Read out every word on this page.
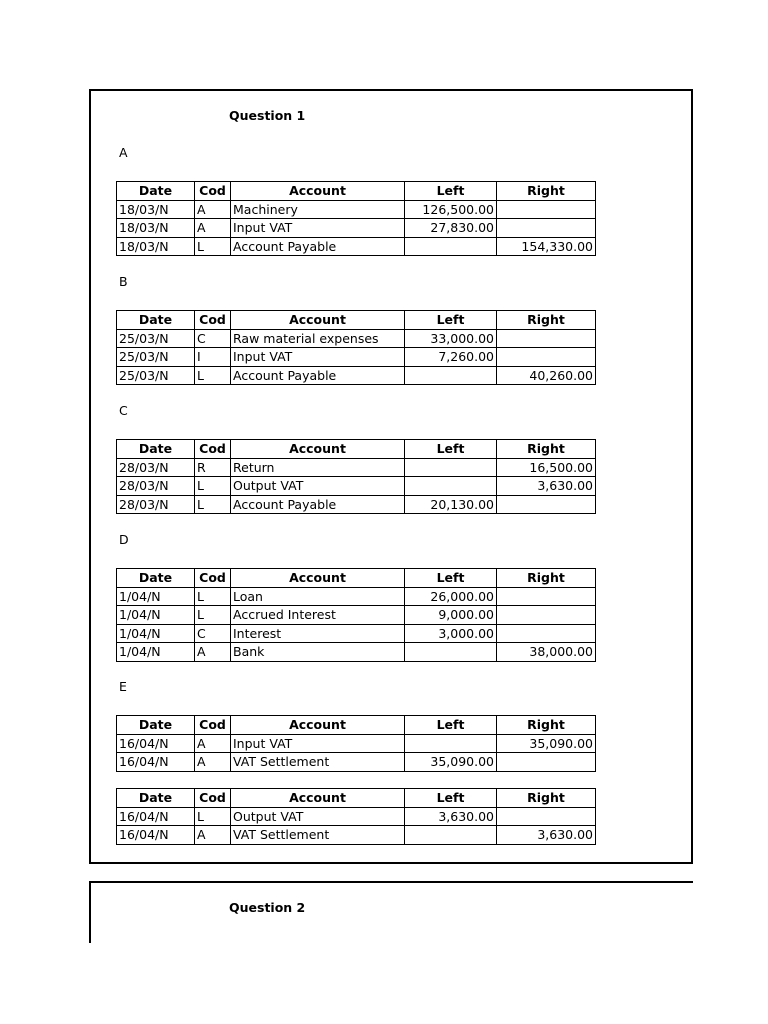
Question 1
Question 2
A
Date	Cod	Account	Left	Right
18/03/N	A	Machinery	126,500.00	
18/03/N	A	Input VAT	27,830.00	
18/03/N	L	Account Payable		154,330.00
B
Date	Cod	Account	Left	Right
25/03/N	C	Raw material expenses	33,000.00	
25/03/N	I	Input VAT	7,260.00	
25/03/N	L	Account Payable		40,260.00
C
Date	Cod	Account	Left	Right
28/03/N	R	Return		16,500.00
28/03/N	L	Output VAT		3,630.00
28/03/N	L	Account Payable	20,130.00	
D
Date	Cod	Account	Left	Right
1/04/N	L	Loan	26,000.00	
1/04/N	L	Accrued Interest	9,000.00	
1/04/N	C	Interest	3,000.00	
1/04/N	A	Bank		38,000.00
E
Date	Cod	Account	Left	Right
16/04/N	A	Input VAT		35,090.00
16/04/N	A	VAT Settlement	35,090.00	
Date	Cod	Account	Left	Right
16/04/N	L	Output VAT	3,630.00	
16/04/N	A	VAT Settlement		3,630.00
